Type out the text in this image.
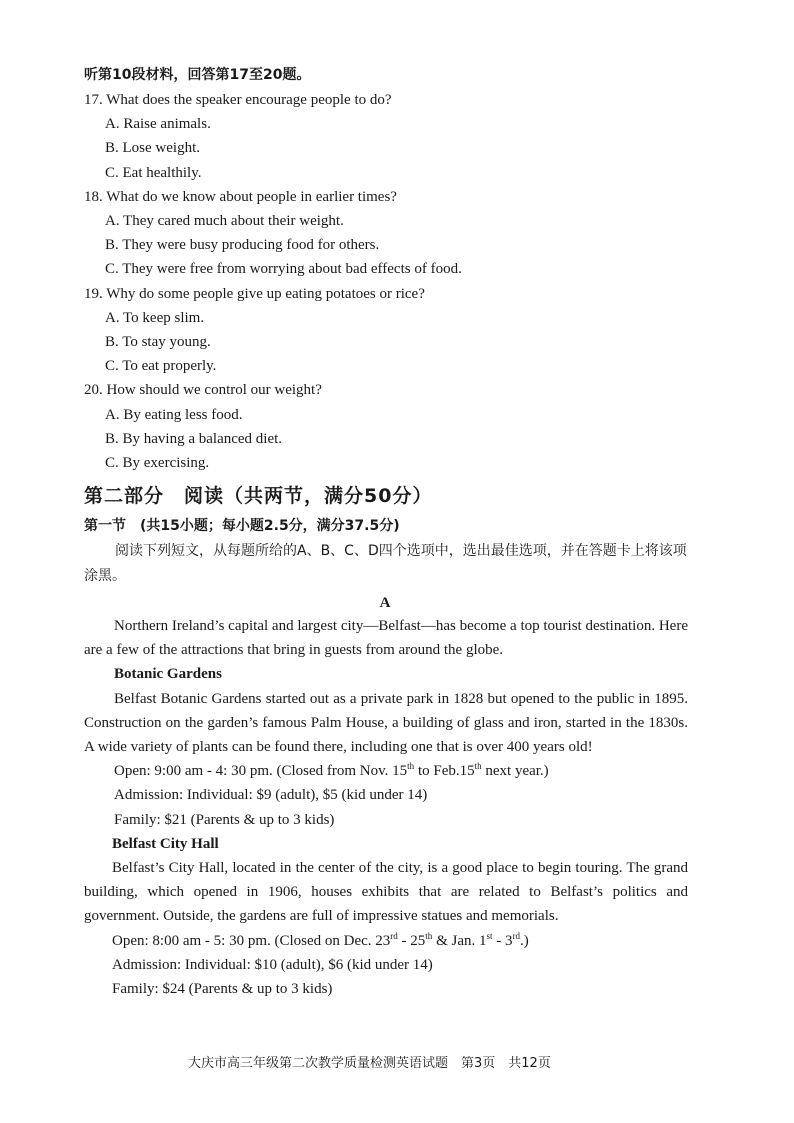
听第10段材料，回答第17至20题。

17. What does the speaker encourage people to do?

A. Raise animals.

B. Lose weight.

C. Eat healthily.

18. What do we know about people in earlier times?

A. They cared much about their weight.

B. They were busy producing food for others.

C. They were free from worrying about bad effects of food.

19. Why do some people give up eating potatoes or rice?

A. To keep slim.

B. To stay young.

C. To eat properly.

20. How should we control our weight?

A. By eating less food.

B. By having a balanced diet.

C. By exercising.

第二部分　阅读（共两节，满分50分）
第一节　(共15小题；每小题2.5分，满分37.5分)

阅读下列短文，从每题所给的A、B、C、D四个选项中，选出最佳选项，并在答题卡上将该项涂黑。

A

Northern Ireland’s capital and largest city—Belfast—has become a top tourist destination. Here are a few of the attractions that bring in guests from around the globe.

Botanic Gardens

Belfast Botanic Gardens started out as a private park in 1828 but opened to the public in 1895. Construction on the garden’s famous Palm House, a building of glass and iron, started in the 1830s. A wide variety of plants can be found there, including one that is over 400 years old!

Open: 9:00 am - 4: 30 pm. (Closed from Nov. 15th to Feb.15th next year.)

Admission: Individual: $9 (adult), $5 (kid under 14)

Family: $21 (Parents & up to 3 kids)

Belfast City Hall

Belfast’s City Hall, located in the center of the city, is a good place to begin touring. The grand building, which opened in 1906, houses exhibits that are related to Belfast’s politics and government. Outside, the gardens are full of impressive statues and memorials.

Open: 8:00 am - 5: 30 pm. (Closed on Dec. 23rd - 25th & Jan. 1st - 3rd.)

Admission: Individual: $10 (adult), $6 (kid under 14)

Family: $24 (Parents & up to 3 kids)

大庆市高三年级第二次教学质量检测英语试题　第3页　共12页
